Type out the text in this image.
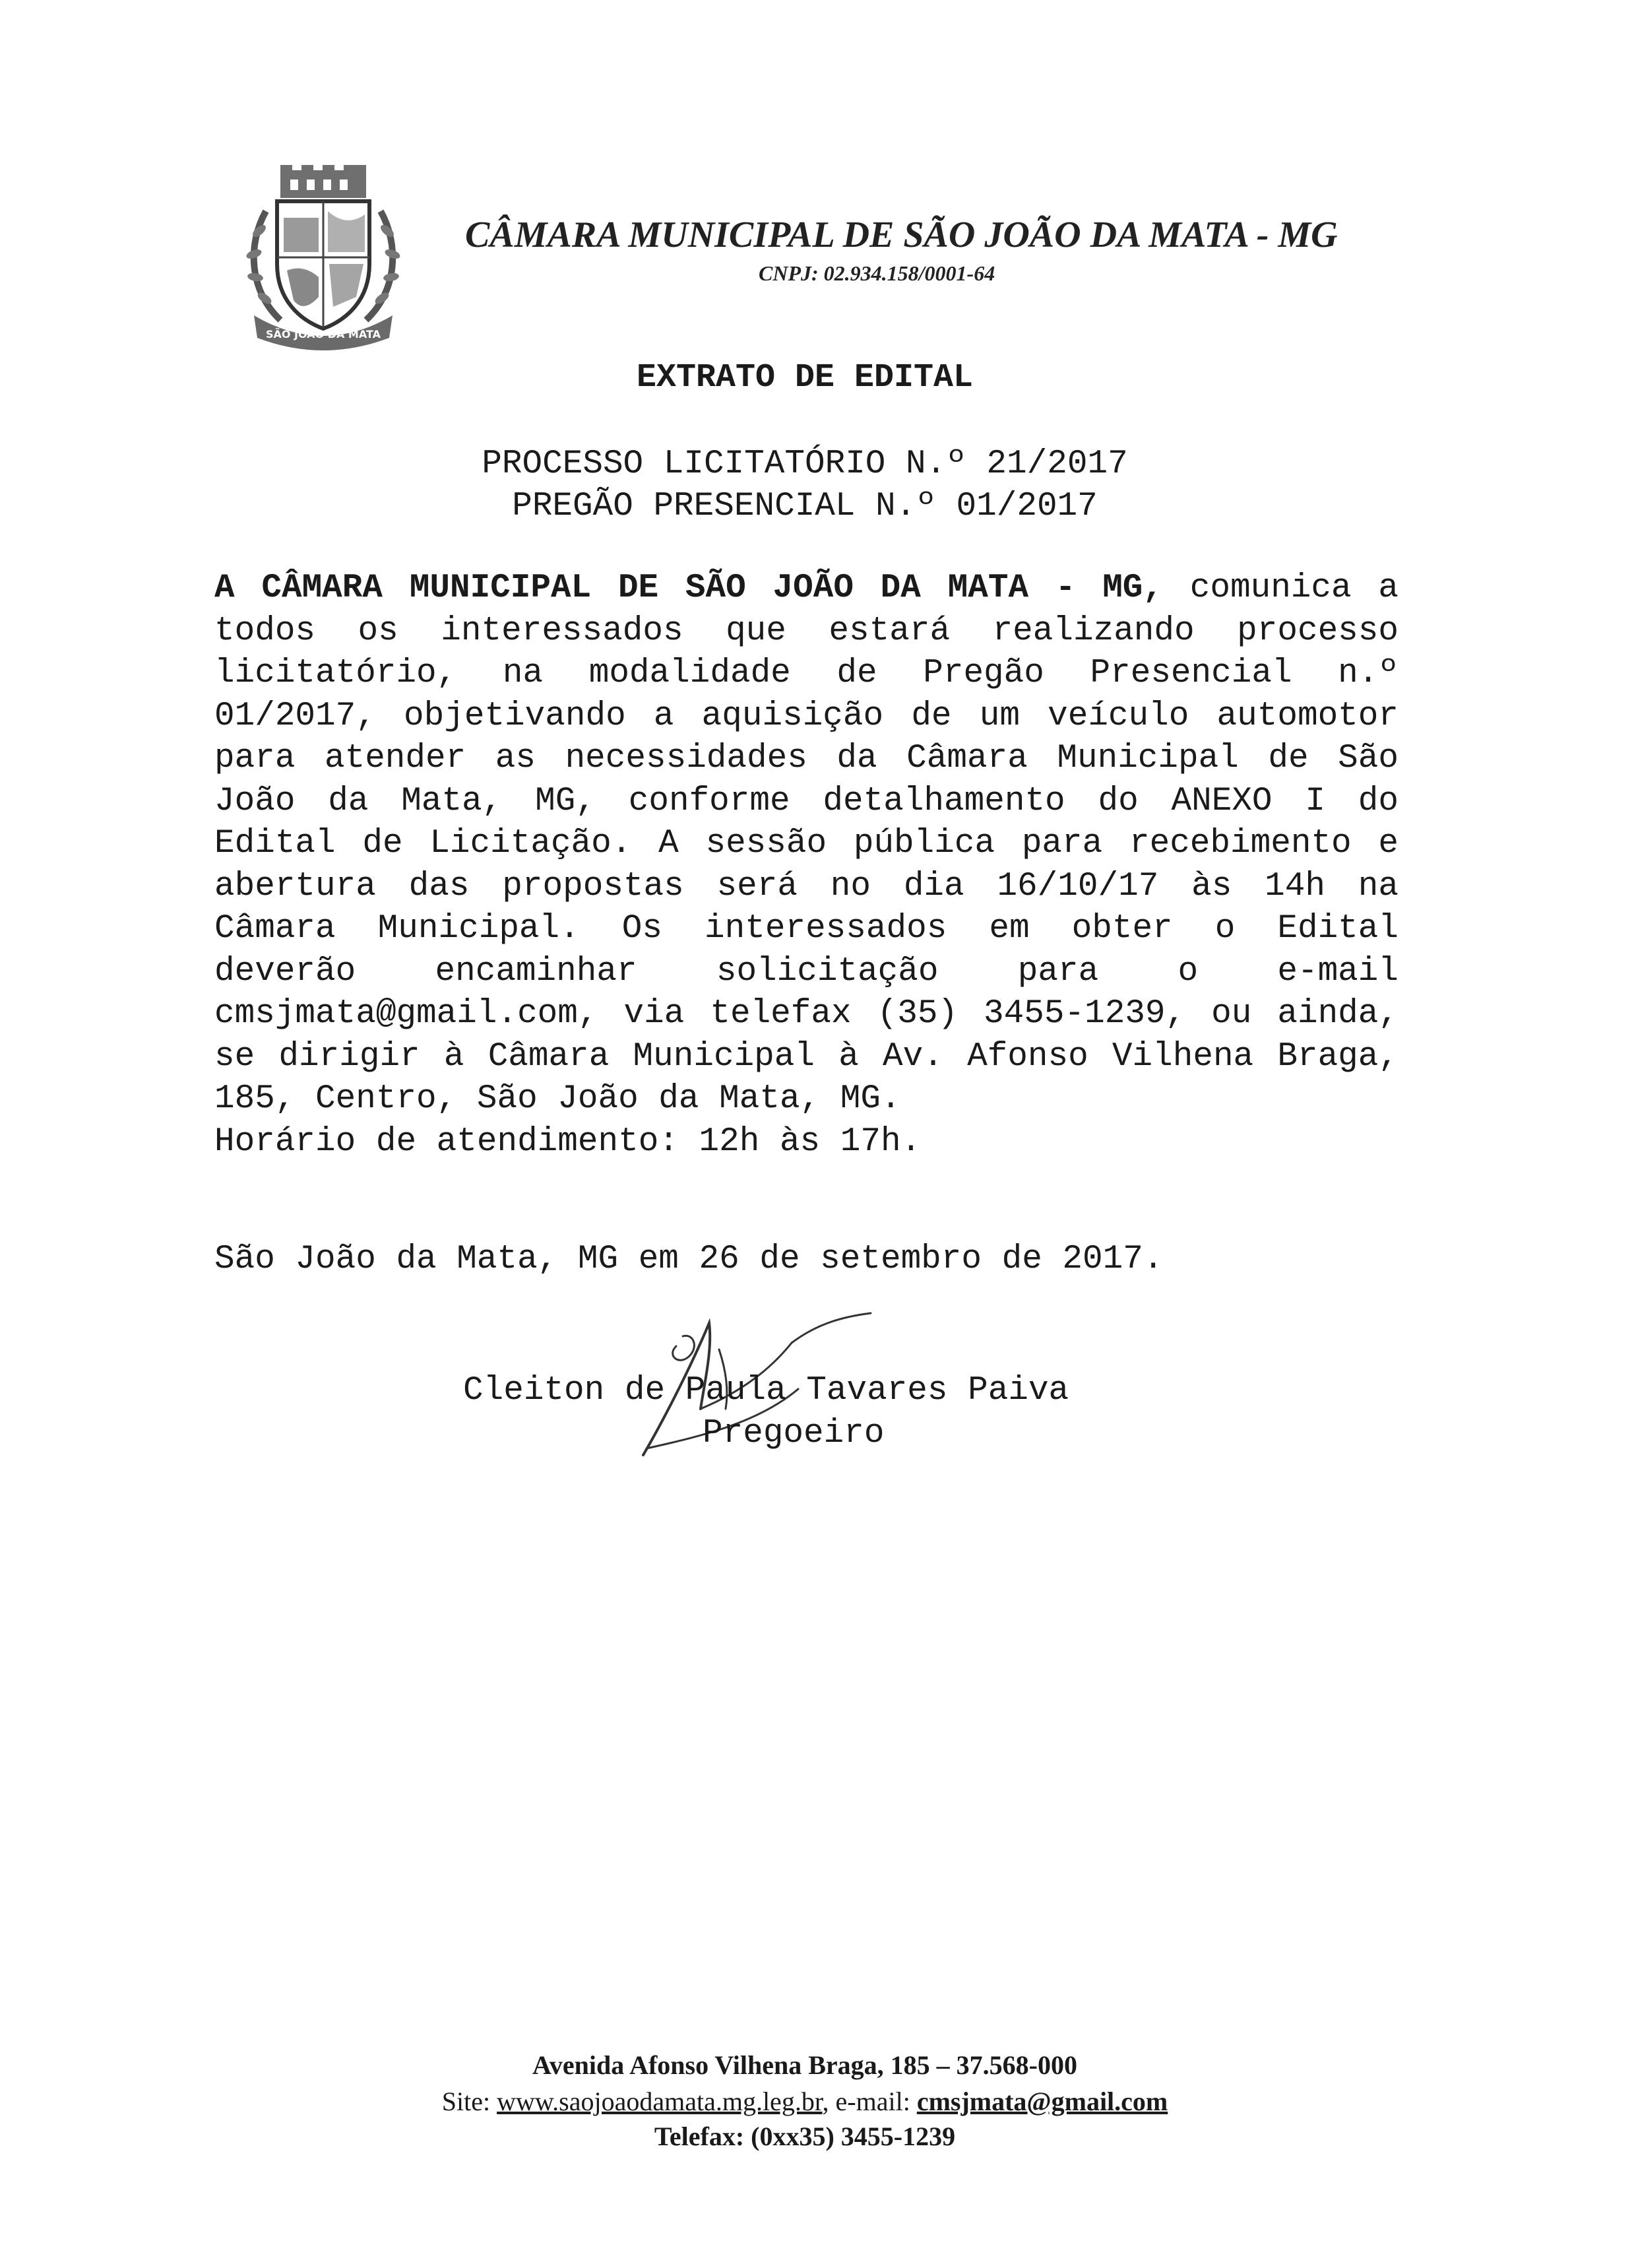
SÃO JOÃO DA MATA
CÂMARA MUNICIPAL DE SÃO JOÃO DA MATA - MG
CNPJ: 02.934.158/0001-64
EXTRATO DE EDITAL
PROCESSO LICITATÓRIO N.º 21/2017
PREGÃO PRESENCIAL N.º 01/2017

A CÂMARA MUNICIPAL DE SÃO JOÃO DA MATA - MG, comunica a todos os interessados que estará realizando processo licitatório, na modalidade de Pregão Presencial n.º 01/2017, objetivando a aquisição de um veículo automotor para atender as necessidades da Câmara Municipal de São João da Mata, MG, conforme detalhamento do ANEXO I do Edital de Licitação. A sessão pública para recebimento e abertura das propostas será no dia 16/10/17 às 14h na Câmara Municipal. Os interessados em obter o Edital deverão encaminhar solicitação para o e-mail cmsjmata@gmail.com, via telefax (35) 3455-1239, ou ainda, se dirigir à Câmara Municipal à Av. Afonso Vilhena Braga, 185, Centro, São João da Mata, MG.
Horário de atendimento: 12h às 17h.

São João da Mata, MG em 26 de setembro de 2017.
Cleiton de Paula Tavares Paiva
Pregoeiro
Avenida Afonso Vilhena Braga, 185 – 37.568-000
Site: www.saojoaodamata.mg.leg.br, e-mail: cmsjmata@gmail.com
Telefax: (0xx35) 3455-1239
